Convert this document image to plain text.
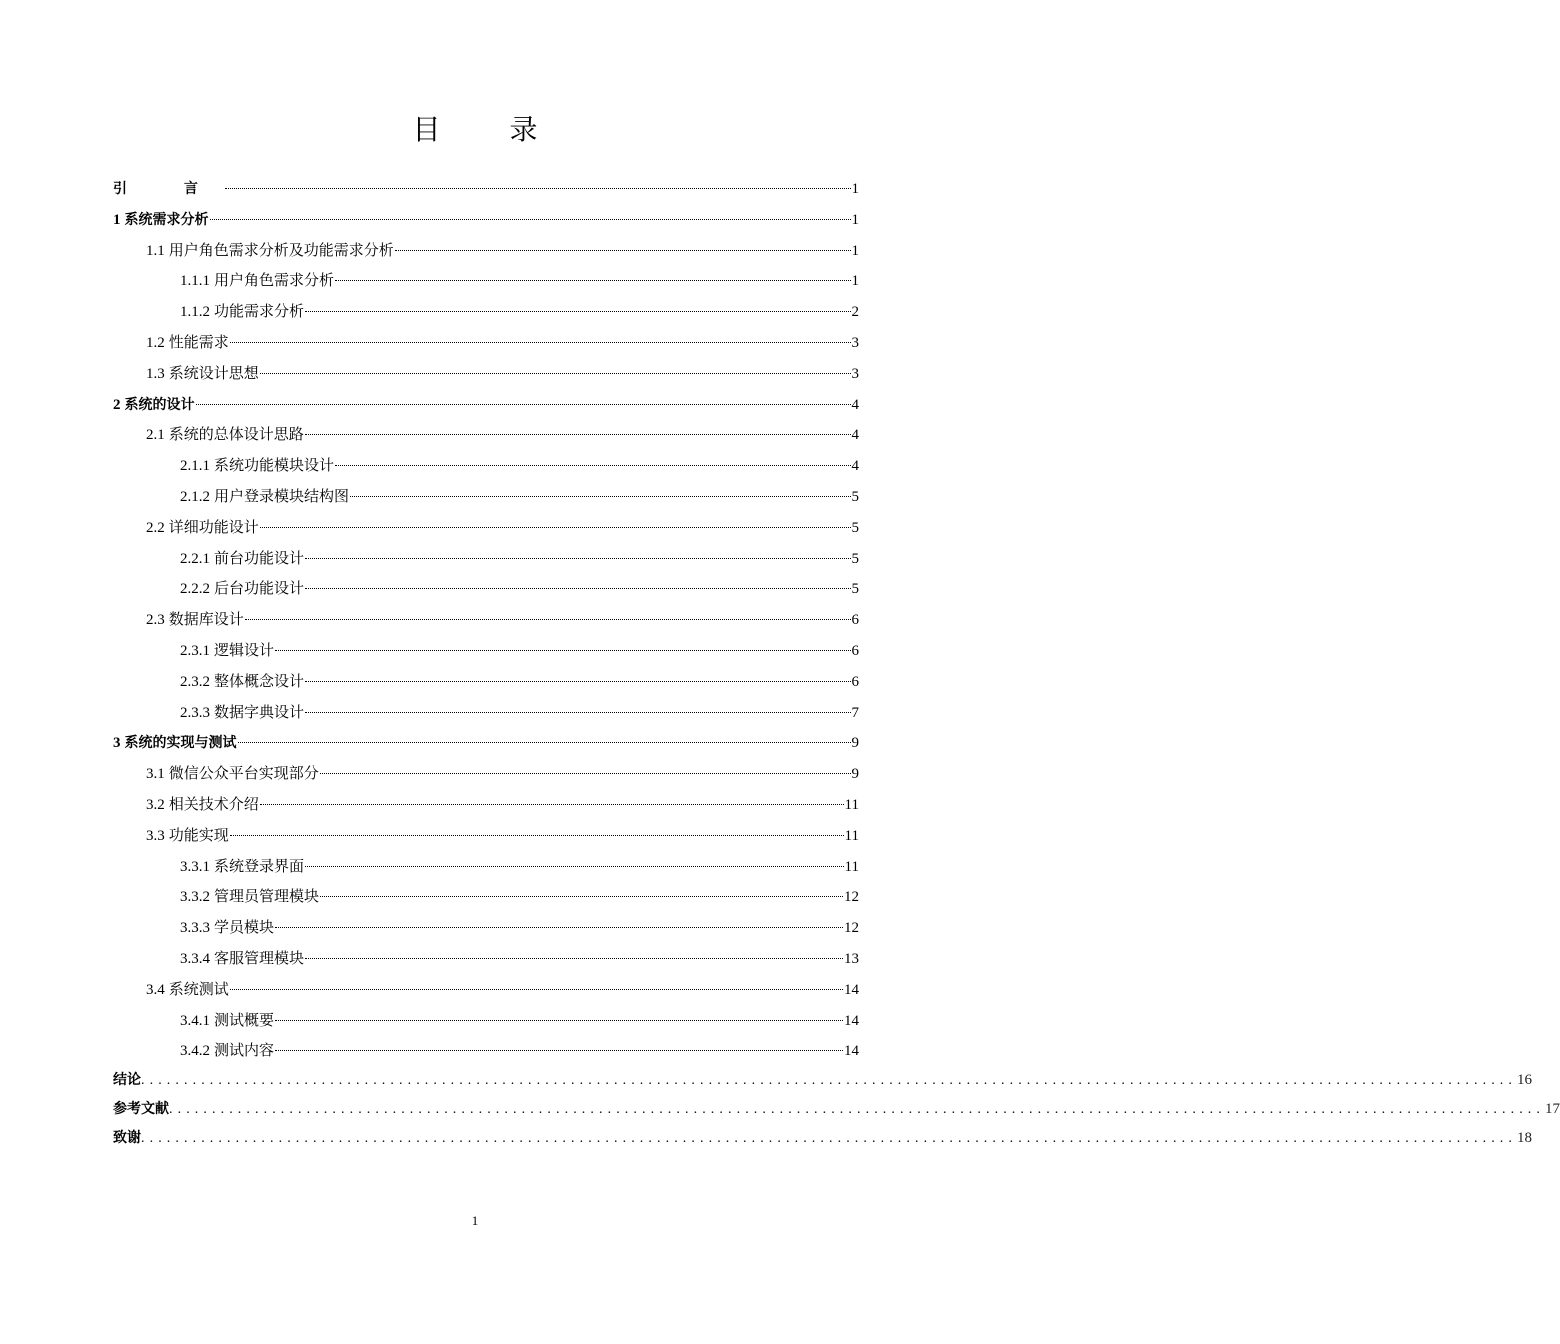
目 录
引 言	1
1 系统需求分析	1
1.1 用户角色需求分析及功能需求分析	1
1.1.1 用户角色需求分析	1
1.1.2 功能需求分析	2
1.2 性能需求	3
1.3 系统设计思想	3
2 系统的设计	4
2.1 系统的总体设计思路	4
2.1.1 系统功能模块设计	4
2.1.2 用户登录模块结构图	5
2.2 详细功能设计	5
2.2.1 前台功能设计	5
2.2.2 后台功能设计	5
2.3 数据库设计	6
2.3.1 逻辑设计	6
2.3.2 整体概念设计	6
2.3.3 数据字典设计	7
3 系统的实现与测试	9
3.1 微信公众平台实现部分	9
3.2 相关技术介绍	11
3.3 功能实现	11
3.3.1 系统登录界面	11
3.3.2 管理员管理模块	12
3.3.3 学员模块	12
3.3.4 客服管理模块	13
3.4 系统测试	14
3.4.1 测试概要	14
3.4.2 测试内容	14
结论 ................................................................................................................................................................ 16
参考文献 ................................................................................................................................................................ 17
致谢 ................................................................................................................................................................ 18
1
